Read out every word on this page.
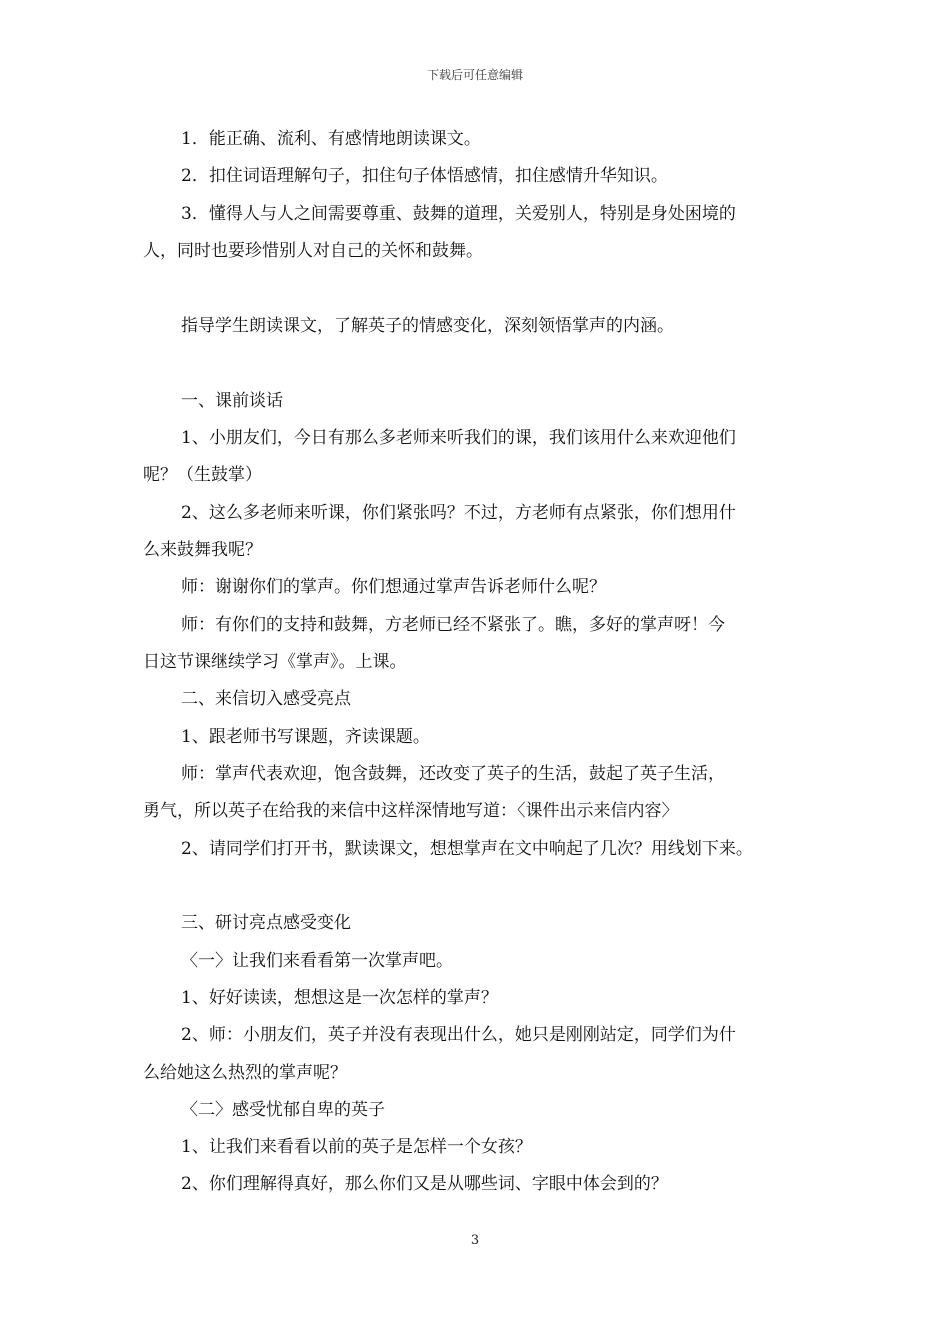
下载后可任意编辑
1．能正确、流利、有感情地朗读课文。
2．扣住词语理解句子，扣住句子体悟感情，扣住感情升华知识。
3．懂得人与人之间需要尊重、鼓舞的道理，关爱别人，特别是身处困境的
人，同时也要珍惜别人对自己的关怀和鼓舞。
指导学生朗读课文，了解英子的情感变化，深刻领悟掌声的内涵。
一、课前谈话
1、小朋友们，今日有那么多老师来听我们的课，我们该用什么来欢迎他们
呢？（生鼓掌）
2、这么多老师来听课，你们紧张吗？不过，方老师有点紧张，你们想用什
么来鼓舞我呢？
师：谢谢你们的掌声。你们想通过掌声告诉老师什么呢？
师：有你们的支持和鼓舞，方老师已经不紧张了。瞧，多好的掌声呀！今
日这节课继续学习《掌声》。上课。
二、来信切入感受亮点
1、跟老师书写课题，齐读课题。
师：掌声代表欢迎，饱含鼓舞，还改变了英子的生活，鼓起了英子生活，
勇气，所以英子在给我的来信中这样深情地写道：〈课件出示来信内容〉
2、请同学们打开书，默读课文，想想掌声在文中响起了几次？用线划下来。
三、研讨亮点感受变化
〈一〉让我们来看看第一次掌声吧。
1、好好读读，想想这是一次怎样的掌声？
2、师：小朋友们，英子并没有表现出什么，她只是刚刚站定，同学们为什
么给她这么热烈的掌声呢？
〈二〉感受忧郁自卑的英子
1、让我们来看看以前的英子是怎样一个女孩？
2、你们理解得真好，那么你们又是从哪些词、字眼中体会到的？
3
